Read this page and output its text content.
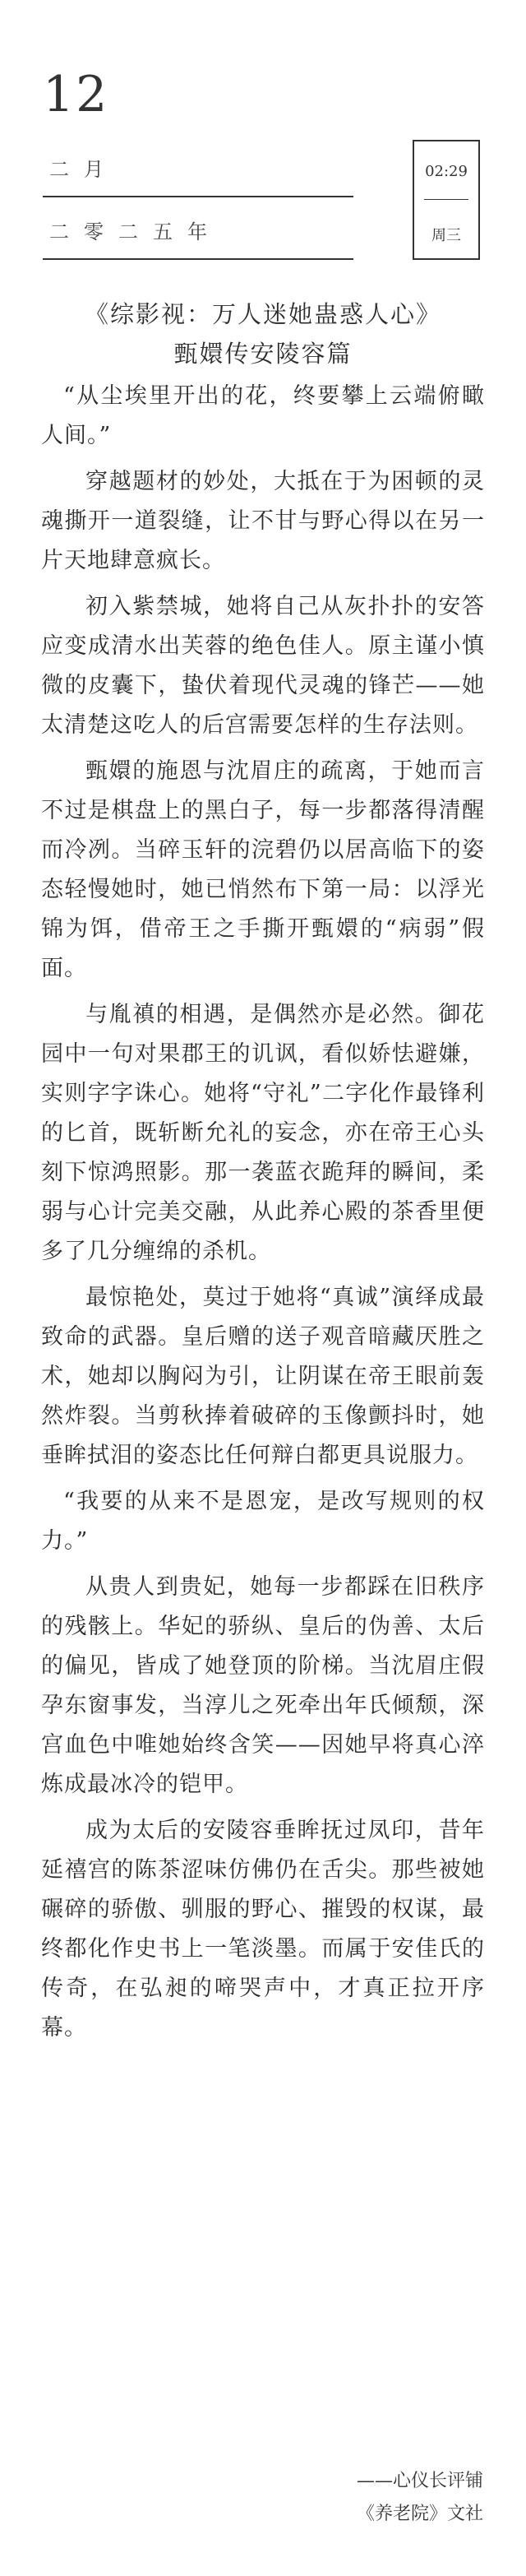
12
二月
二零二五年
02:29
周三

《综影视：万人迷她蛊惑人心》

甄嬛传安陵容篇

“从尘埃里开出的花，终要攀上云端俯瞰人间。”

穿越题材的妙处，大抵在于为困顿的灵魂撕开一道裂缝，让不甘与野心得以在另一片天地肆意疯长。

初入紫禁城，她将自己从灰扑扑的安答应变成清水出芙蓉的绝色佳人。原主谨小慎微的皮囊下，蛰伏着现代灵魂的锋芒——她太清楚这吃人的后宫需要怎样的生存法则。

甄嬛的施恩与沈眉庄的疏离，于她而言不过是棋盘上的黑白子，每一步都落得清醒而冷冽。当碎玉轩的浣碧仍以居高临下的姿态轻慢她时，她已悄然布下第一局：以浮光锦为饵，借帝王之手撕开甄嬛的“病弱”假面。

与胤禛的相遇，是偶然亦是必然。御花园中一句对果郡王的讥讽，看似娇怯避嫌，实则字字诛心。她将“守礼”二字化作最锋利的匕首，既斩断允礼的妄念，亦在帝王心头刻下惊鸿照影。那一袭蓝衣跪拜的瞬间，柔弱与心计完美交融，从此养心殿的茶香里便多了几分缠绵的杀机。

最惊艳处，莫过于她将“真诚”演绎成最致命的武器。皇后赠的送子观音暗藏厌胜之术，她却以胸闷为引，让阴谋在帝王眼前轰然炸裂。当剪秋捧着破碎的玉像颤抖时，她垂眸拭泪的姿态比任何辩白都更具说服力。

“我要的从来不是恩宠，是改写规则的权力。”

从贵人到贵妃，她每一步都踩在旧秩序的残骸上。华妃的骄纵、皇后的伪善、太后的偏见，皆成了她登顶的阶梯。当沈眉庄假孕东窗事发，当淳儿之死牵出年氏倾颓，深宫血色中唯她始终含笑——因她早将真心淬炼成最冰冷的铠甲。

成为太后的安陵容垂眸抚过凤印，昔年延禧宫的陈茶涩味仿佛仍在舌尖。那些被她碾碎的骄傲、驯服的野心、摧毁的权谋，最终都化作史书上一笔淡墨。而属于安佳氏的传奇，在弘昶的啼哭声中，才真正拉开序幕。

——心仪长评铺
《养老院》文社
